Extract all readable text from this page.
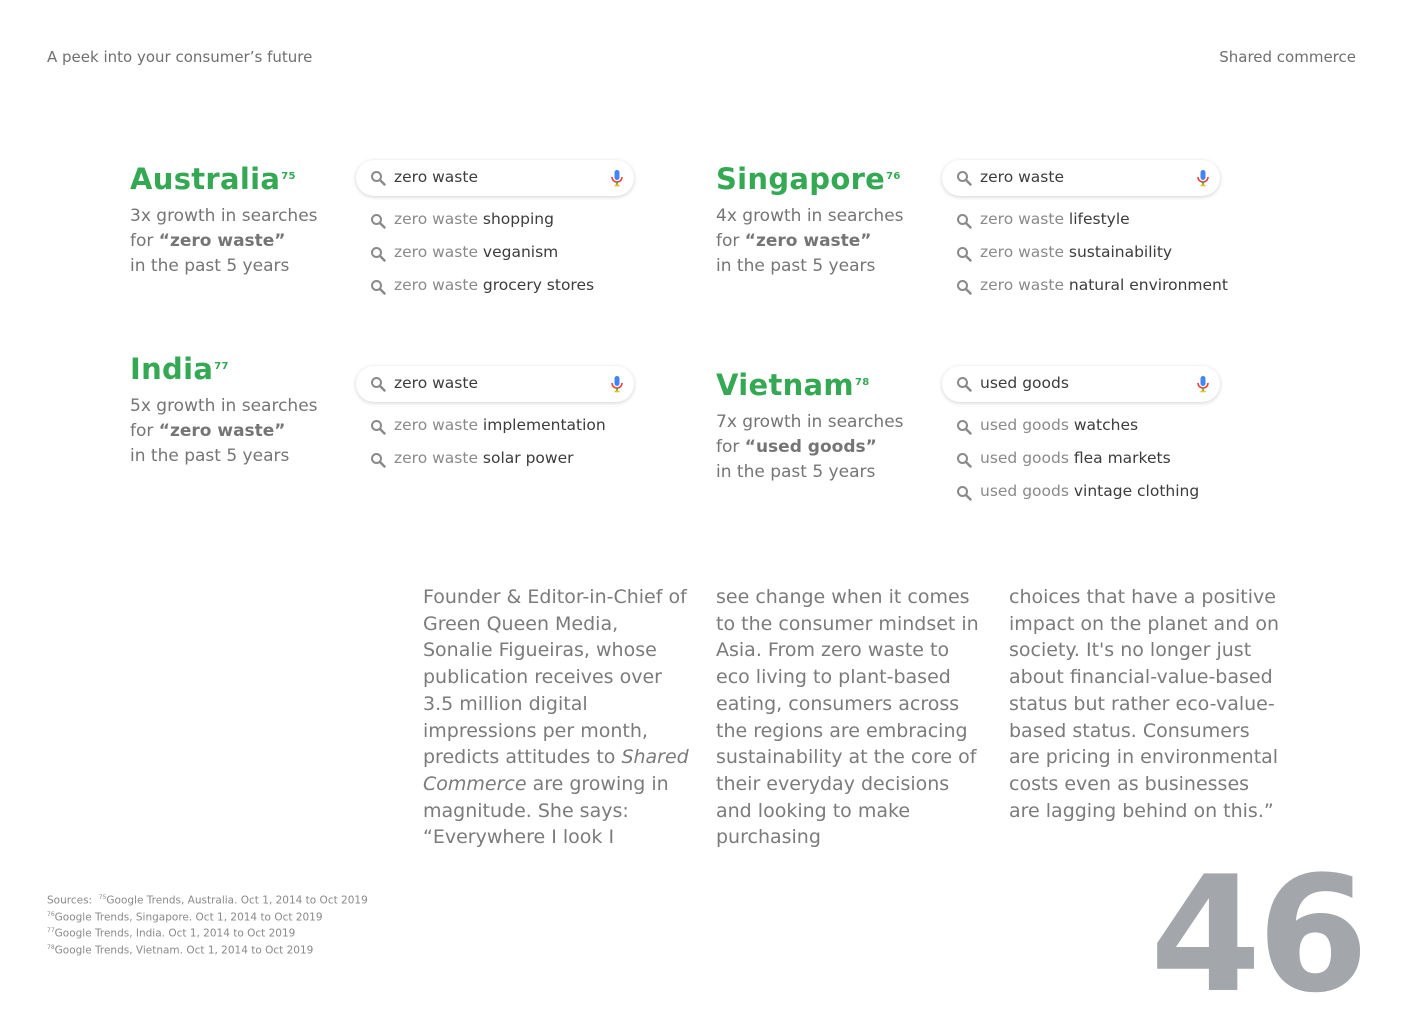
A peek into your consumer’s future	Shared commerce
Australia$^{75}$
3x growth in searches
for “zero waste”
in the past 5 years
zero waste
zero waste shopping
zero waste veganism
zero waste grocery stores
Singapore$^{76}$
4x growth in searches
for “zero waste”
in the past 5 years
zero waste
zero waste lifestyle
zero waste sustainability
zero waste natural environment
India$^{77}$
5x growth in searches
for “zero waste”
in the past 5 years
zero waste
zero waste implementation
zero waste solar power
Vietnam$^{78}$
7x growth in searches
for “used goods”
in the past 5 years
used goods
used goods watches
used goods flea markets
used goods vintage clothing
Founder & Editor-in-Chief of Green Queen Media, Sonalie Figueiras, whose publication receives over 3.5 million digital impressions per month, predicts attitudes to Shared Commerce are growing in magnitude. She says: “Everywhere I look I
see change when it comes to the consumer mindset in Asia. From zero waste to eco living to plant-based eating, consumers across the regions are embracing sustainability at the core of their everyday decisions and looking to make purchasing
choices that have a positive impact on the planet and on society. It's no longer just about financial-value-based status but rather eco-value-based status. Consumers are pricing in environmental costs even as businesses are lagging behind on this.”
Sources: $^{75}$Google Trends, Australia. Oct 1, 2014 to Oct 2019
$^{76}$Google Trends, Singapore. Oct 1, 2014 to Oct 2019
$^{77}$Google Trends, India. Oct 1, 2014 to Oct 2019
$^{78}$Google Trends, Vietnam. Oct 1, 2014 to Oct 2019	46
